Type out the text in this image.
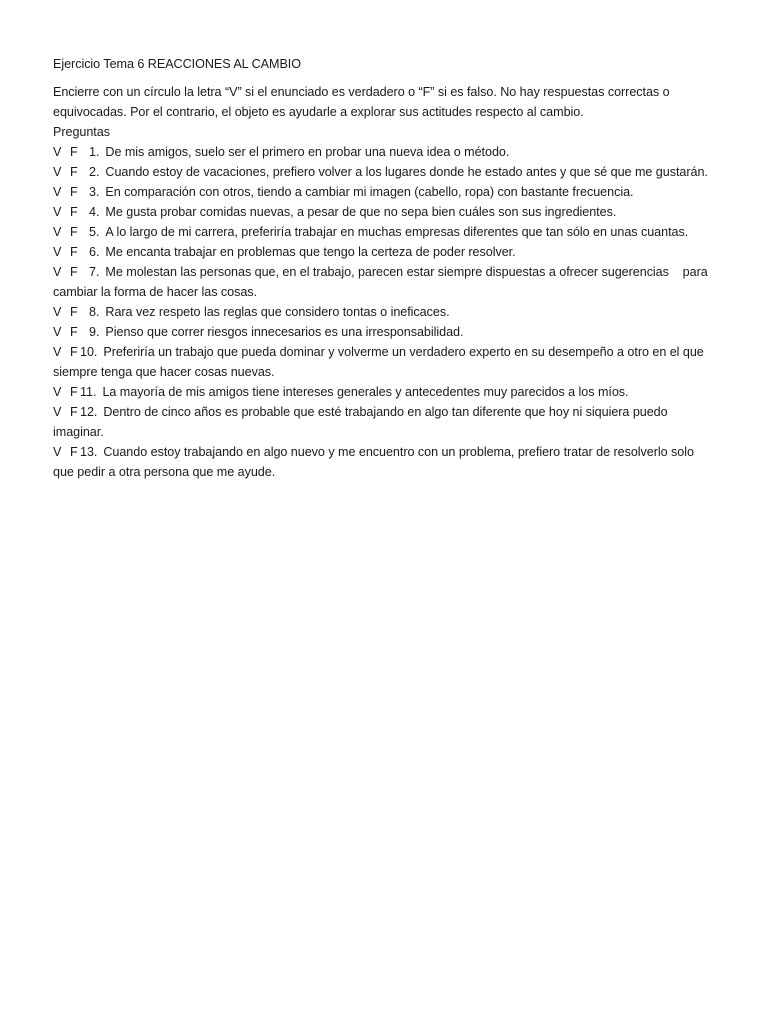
Ejercicio Tema 6 REACCIONES AL CAMBIO

Encierre con un círculo la letra “V” si el enunciado es verdadero o “F” si es falso. No hay respuestas correctas o equivocadas. Por el contrario, el objeto es ayudarle a explorar sus actitudes respecto al cambio.

Preguntas

V F 1. De mis amigos, suelo ser el primero en probar una nueva idea o método.

V F 2. Cuando estoy de vacaciones, prefiero volver a los lugares donde he estado antes y que sé que me gustarán.

V F 3. En comparación con otros, tiendo a cambiar mi imagen (cabello, ropa) con bastante frecuencia.

V F 4. Me gusta probar comidas nuevas, a pesar de que no sepa bien cuáles son sus ingredientes.

V F 5. A lo largo de mi carrera, preferiría trabajar en muchas empresas diferentes que tan sólo en unas cuantas.

V F 6. Me encanta trabajar en problemas que tengo la certeza de poder resolver.

V F 7. Me molestan las personas que, en el trabajo, parecen estar siempre dispuestas a ofrecer sugerencias    para cambiar la forma de hacer las cosas.

V F 8. Rara vez respeto las reglas que considero tontas o ineficaces.

V F 9. Pienso que correr riesgos innecesarios es una irresponsabilidad.

V F 10. Preferiría un trabajo que pueda dominar y volverme un verdadero experto en su desempeño a otro en el que siempre tenga que hacer cosas nuevas.

V F 11. La mayoría de mis amigos tiene intereses generales y antecedentes muy parecidos a los míos.

V F 12. Dentro de cinco años es probable que esté trabajando en algo tan diferente que hoy ni siquiera puedo imaginar.

V F 13. Cuando estoy trabajando en algo nuevo y me encuentro con un problema, prefiero tratar de resolverlo solo que pedir a otra persona que me ayude.
